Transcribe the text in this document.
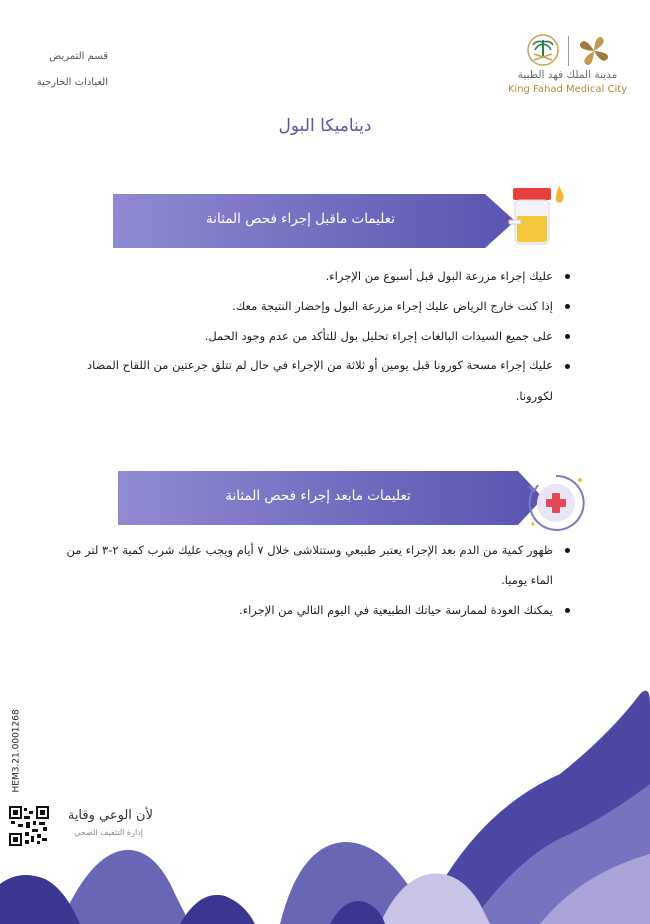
قسم التمريض
العيادات الخارجية
مدينة الملك فهد الطبية
King Fahad Medical City
ديناميكا البول
تعليمات ماقبل إجراء فحص المثانة
عليك إجراء مزرعة البول قبل أسبوع من الإجراء.
إذا كنت خارج الرياض عليك إجراء مزرعة البول وإحضار النتيجة معك.
على جميع السيدات البالغات إجراء تحليل بول للتأكد من عدم وجود الحمل.
عليك إجراء مسحة كورونا قبل يومين أو ثلاثة من الإجراء في حال لم تتلق جرعتين من اللقاح المضاد لكورونا.
تعليمات مابعد إجراء فحص المثانة
ظهور كمية من الدم بعد الإجراء يعتبر طبيعي وستتلاشى خلال ٧ أيام ويجب عليك شرب كمية ٢-٣ لتر من الماء يوميا.
يمكنك العودة لممارسة حياتك الطبيعية في اليوم التالي من الإجراء.
HEM3.21.0001268
لأن الوعي وقاية
إدارة التثقيف الصحي
